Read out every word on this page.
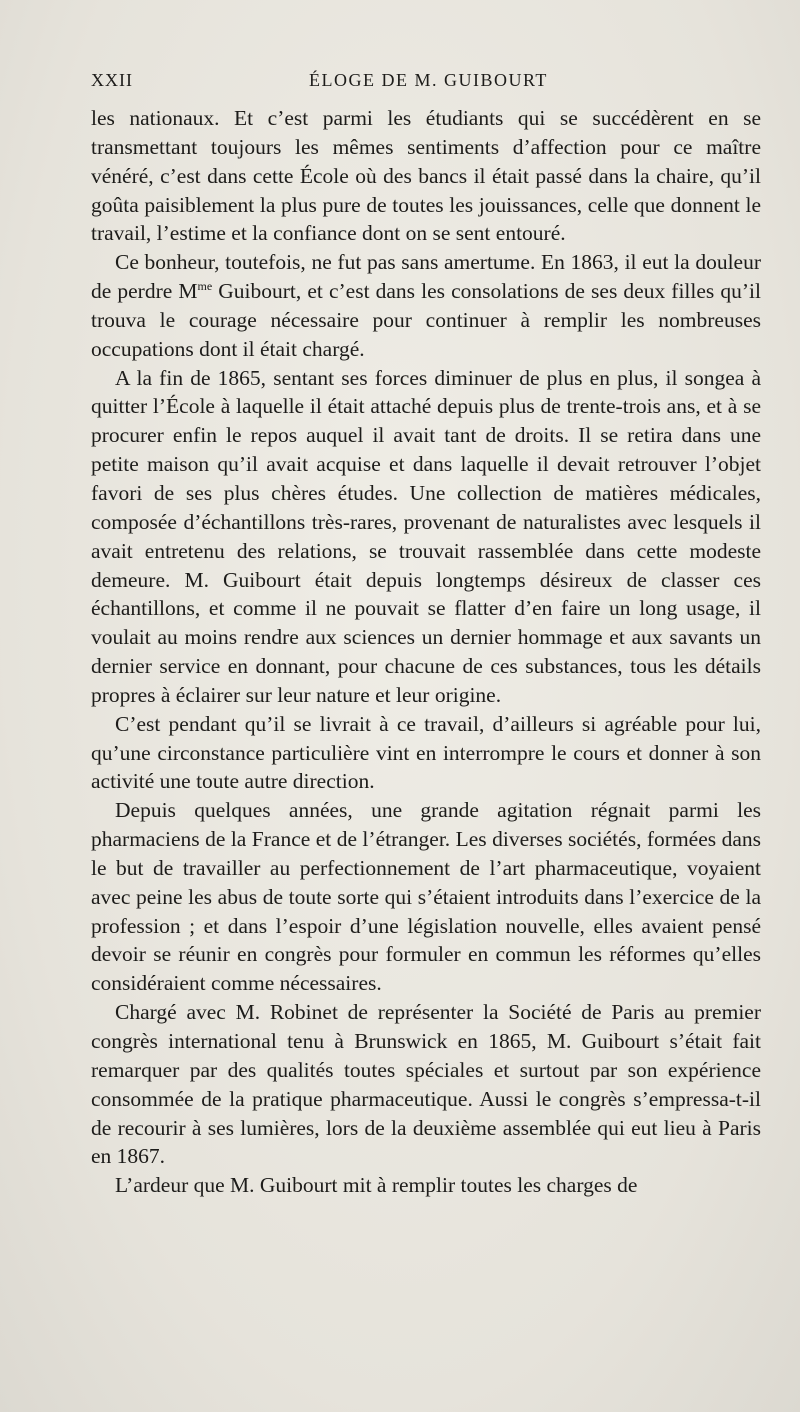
XXII	ÉLOGE DE M. GUIBOURT

les nationaux. Et c’est parmi les étudiants qui se succédèrent en se transmettant toujours les mêmes sentiments d’affection pour ce maître vénéré, c’est dans cette École où des bancs il était passé dans la chaire, qu’il goûta paisiblement la plus pure de toutes les jouissances, celle que donnent le travail, l’estime et la confiance dont on se sent entouré.

Ce bonheur, toutefois, ne fut pas sans amertume. En 1863, il eut la douleur de perdre $M^{me}$ Guibourt, et c’est dans les consolations de ses deux filles qu’il trouva le courage nécessaire pour continuer à remplir les nombreuses occupations dont il était chargé.

A la fin de 1865, sentant ses forces diminuer de plus en plus, il songea à quitter l’École à laquelle il était attaché depuis plus de trente-trois ans, et à se procurer enfin le repos auquel il avait tant de droits. Il se retira dans une petite maison qu’il avait acquise et dans laquelle il devait retrouver l’objet favori de ses plus chères études. Une collection de matières médicales, composée d’échantillons très-rares, provenant de naturalistes avec lesquels il avait entretenu des relations, se trouvait rassemblée dans cette modeste demeure. M. Guibourt était depuis longtemps désireux de classer ces échantillons, et comme il ne pouvait se flatter d’en faire un long usage, il voulait au moins rendre aux sciences un dernier hommage et aux savants un dernier service en donnant, pour chacune de ces substances, tous les détails propres à éclairer sur leur nature et leur origine.

C’est pendant qu’il se livrait à ce travail, d’ailleurs si agréable pour lui, qu’une circonstance particulière vint en interrompre le cours et donner à son activité une toute autre direction.

Depuis quelques années, une grande agitation régnait parmi les pharmaciens de la France et de l’étranger. Les diverses sociétés, formées dans le but de travailler au perfectionnement de l’art pharmaceutique, voyaient avec peine les abus de toute sorte qui s’étaient introduits dans l’exercice de la profession ; et dans l’espoir d’une législation nouvelle, elles avaient pensé devoir se réunir en congrès pour formuler en commun les réformes qu’elles considéraient comme nécessaires.

Chargé avec M. Robinet de représenter la Société de Paris au premier congrès international tenu à Brunswick en 1865, M. Guibourt s’était fait remarquer par des qualités toutes spéciales et surtout par son expérience consommée de la pratique pharmaceutique. Aussi le congrès s’empressa-t-il de recourir à ses lumières, lors de la deuxième assemblée qui eut lieu à Paris en 1867.

L’ardeur que M. Guibourt mit à remplir toutes les charges de
